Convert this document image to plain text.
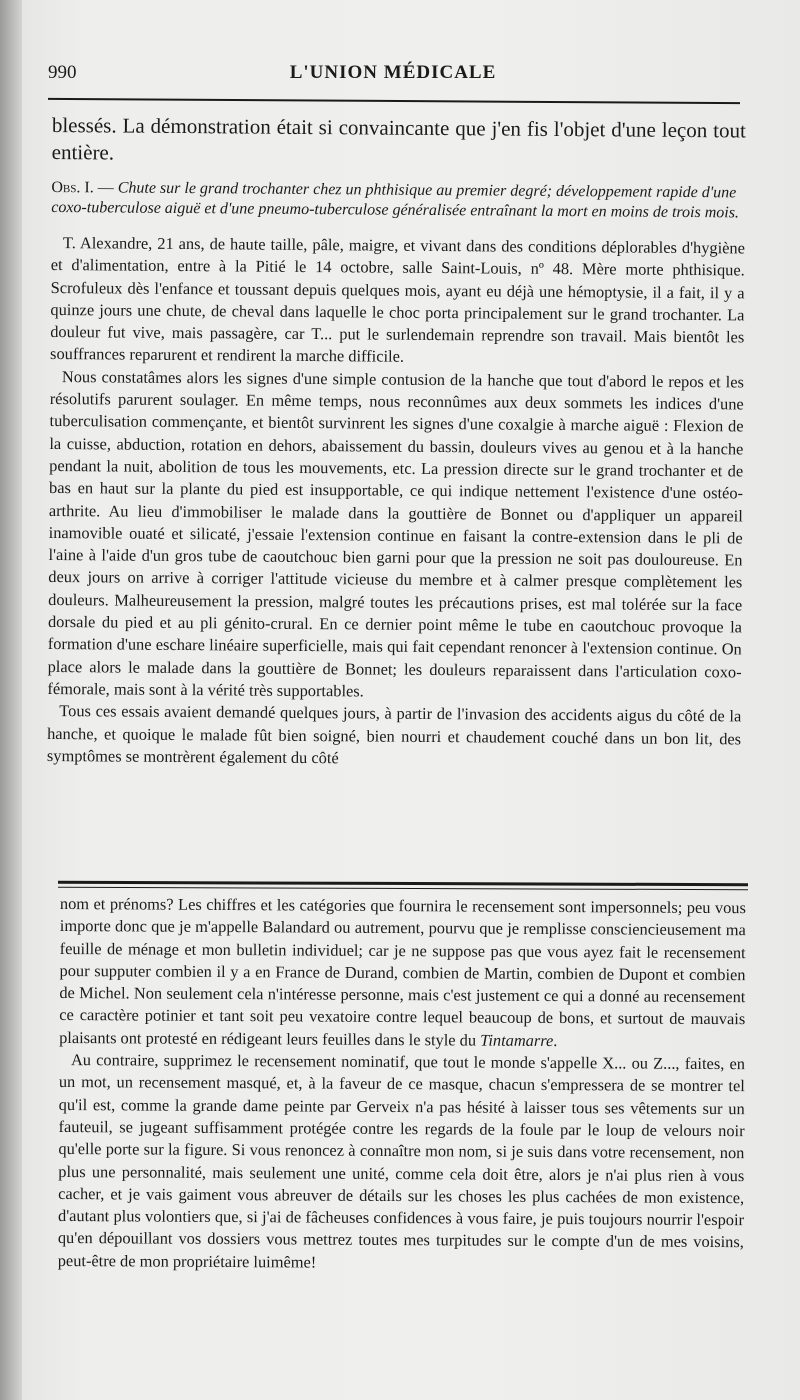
990	L'UNION MÉDICALE

blessés. La démonstration était si convaincante que j'en fis l'objet d'une leçon tout entière.

Obs. I. — Chute sur le grand trochanter chez un phthisique au premier degré; développement rapide d'une coxo-tuberculose aiguë et d'une pneumo-tuberculose généralisée entraînant la mort en moins de trois mois.

T. Alexandre, 21 ans, de haute taille, pâle, maigre, et vivant dans des conditions déplorables d'hygiène et d'alimentation, entre à la Pitié le 14 octobre, salle Saint-Louis, nº 48. Mère morte phthisique. Scrofuleux dès l'enfance et toussant depuis quelques mois, ayant eu déjà une hémoptysie, il a fait, il y a quinze jours une chute, de cheval dans laquelle le choc porta principalement sur le grand trochanter. La douleur fut vive, mais passagère, car T... put le surlendemain reprendre son travail. Mais bientôt les souffrances reparurent et rendirent la marche difficile.

Nous constatâmes alors les signes d'une simple contusion de la hanche que tout d'abord le repos et les résolutifs parurent soulager. En même temps, nous reconnûmes aux deux sommets les indices d'une tuberculisation commençante, et bientôt survinrent les signes d'une coxalgie à marche aiguë : Flexion de la cuisse, abduction, rotation en dehors, abaissement du bassin, douleurs vives au genou et à la hanche pendant la nuit, abolition de tous les mouvements, etc. La pression directe sur le grand trochanter et de bas en haut sur la plante du pied est insupportable, ce qui indique nettement l'existence d'une ostéo-arthrite. Au lieu d'immobiliser le malade dans la gouttière de Bonnet ou d'appliquer un appareil inamovible ouaté et silicaté, j'essaie l'extension continue en faisant la contre-extension dans le pli de l'aine à l'aide d'un gros tube de caoutchouc bien garni pour que la pression ne soit pas douloureuse. En deux jours on arrive à corriger l'attitude vicieuse du membre et à calmer presque complètement les douleurs. Malheureusement la pression, malgré toutes les précautions prises, est mal tolérée sur la face dorsale du pied et au pli génito-crural. En ce dernier point même le tube en caoutchouc provoque la formation d'une eschare linéaire superficielle, mais qui fait cependant renoncer à l'extension continue. On place alors le malade dans la gouttière de Bonnet; les douleurs reparaissent dans l'articulation coxo-fémorale, mais sont à la vérité très supportables.

Tous ces essais avaient demandé quelques jours, à partir de l'invasion des accidents aigus du côté de la hanche, et quoique le malade fût bien soigné, bien nourri et chaudement couché dans un bon lit, des symptômes se montrèrent également du côté

nom et prénoms? Les chiffres et les catégories que fournira le recensement sont impersonnels; peu vous importe donc que je m'appelle Balandard ou autrement, pourvu que je remplisse consciencieusement ma feuille de ménage et mon bulletin individuel; car je ne suppose pas que vous ayez fait le recensement pour supputer combien il y a en France de Durand, combien de Martin, combien de Dupont et combien de Michel. Non seulement cela n'intéresse personne, mais c'est justement ce qui a donné au recensement ce caractère potinier et tant soit peu vexatoire contre lequel beaucoup de bons, et surtout de mauvais plaisants ont protesté en rédigeant leurs feuilles dans le style du Tintamarre.

Au contraire, supprimez le recensement nominatif, que tout le monde s'appelle X... ou Z..., faites, en un mot, un recensement masqué, et, à la faveur de ce masque, chacun s'empressera de se montrer tel qu'il est, comme la grande dame peinte par Gerveix n'a pas hésité à laisser tous ses vêtements sur un fauteuil, se jugeant suffisamment protégée contre les regards de la foule par le loup de velours noir qu'elle porte sur la figure. Si vous renoncez à connaître mon nom, si je suis dans votre recensement, non plus une personnalité, mais seulement une unité, comme cela doit être, alors je n'ai plus rien à vous cacher, et je vais gaiment vous abreuver de détails sur les choses les plus cachées de mon existence, d'autant plus volontiers que, si j'ai de fâcheuses confidences à vous faire, je puis toujours nourrir l'espoir qu'en dépouillant vos dossiers vous mettrez toutes mes turpitudes sur le compte d'un de mes voisins, peut-être de mon propriétaire luimême!
